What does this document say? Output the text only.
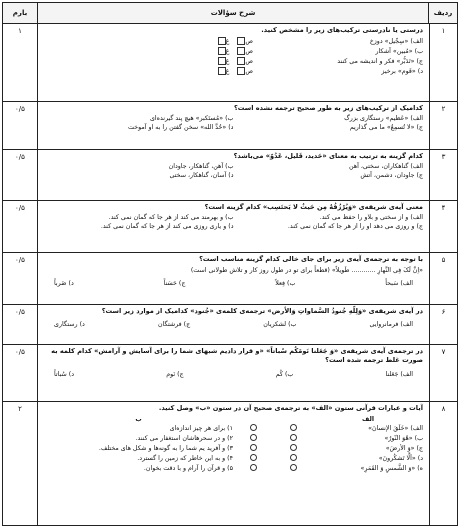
ردیف
شرح سؤالات
بارم
۱
درستی یا نادرستی ترکیب‌های زیر را مشخص کنید.
الف) «سِجّیل» دوزخ
ص
غ
ب) «مُبین» آشکار
ص
غ
ج) «تَدَبُّر» فکر و اندیشه می کنند
ص
غ
د) «قَوم» برخیز
ص
غ
۱
۲
کدامیک از ترکیب‌های زیر به طور صحیح ترجمه نشده است؟
الف) «عَظیم» رستگاری بزرگ
ب) «مُستَکبر» هیچ پند گیرنده‌ای
ج) «لا تُسمِعُ» ما می گذاریم
د) «حُدَّ الله» سخن گفتن را به او آموخت
۰/۵
۳
کدام گزینه به ترتیب به معنای «حَدید، قَلیل، عَدُوّ» می‌باشد؟
الف) گناهکاران، سختی، آهن
ب) آهن، گناهکار، جاودان
ج) جاودان، دشمن، آتش
د) آسان، گناهکار، سختی
۰/۵
۴
معنی آیه‌ی شریفه‌ی «وَیُرْزُقُهُ مِن حَیثُ لا یَحتَسِب» کدام گزینه است؟
الف) و از سختی و بلاو را حفظ می کند.
ب) و بهرمند می کند از هر جا که گمان نمی کند.
ج) و روزی می دهد او را از هر جا که گمان نمی کند.
د) و یاری روزی می کند از هر جا که گمان نمی کند.
۰/۵
۵
با توجه به ترجمه‌ی آیه‌ی زیر برای جای خالی کدام گزینه مناسب است؟
«اِنَّ لَکَ فِی النَّهارِ ............ طَویلاً» (قطعاً برای تو در طول روز کار و تلاش طولانی است)
الف) سَبحاً
ب) فِعلاً
ج) حَسَناً
د) ضَرباً
۰/۵
۶
در آیه‌ی شریفه‌ی «وَلِلّهِ جُنودُ السَّماواتِ وَالأرض» ترجمه‌ی کلمه‌ی «جُنود» کدامیک از موارد زیر است؟
الف) فرمانروایی
ب) لشکریان
ج) فرشتگان
د) رستگاری
۰/۵
۷
در ترجمه‌ی آیه‌ی شریفه‌ی «وَ جَعَلنا نَومَکُم سُباتاً» «و قرار دادیم شبهای شما را برای آسایش و آرامش» کدام کلمه به صورت غلط ترجمه شده است؟
الف) جَعَلنا
ب) کُم
ج) نَوم
د) سُباتاً
۰/۵
۸
آیات و عبارات قرآنی ستون «الف» به ترجمه‌ی صحیح آن در ستون «ب» وصل کنید.
الف
ب
الف) «خَلَقَ الإنسانَ»
ب) «هُوَ النّورُ»
ج) «وَ الأرضَ»
د) «اَلَّا تَشکُرونَ»
ه) «وَ الشَّمسِ وَ القَمَرِ»
۱) برای هر چیز اندازه‌ای
۲) و در سحرهاشان استغفار می کنند.
۳) و آفرید یم شما را به گونه‌ها و شکل های مختلف.
۴) و به این خاطر که زمین را گسترد.
۵) و قرآن را آرام و با دقت بخوان.
۲
